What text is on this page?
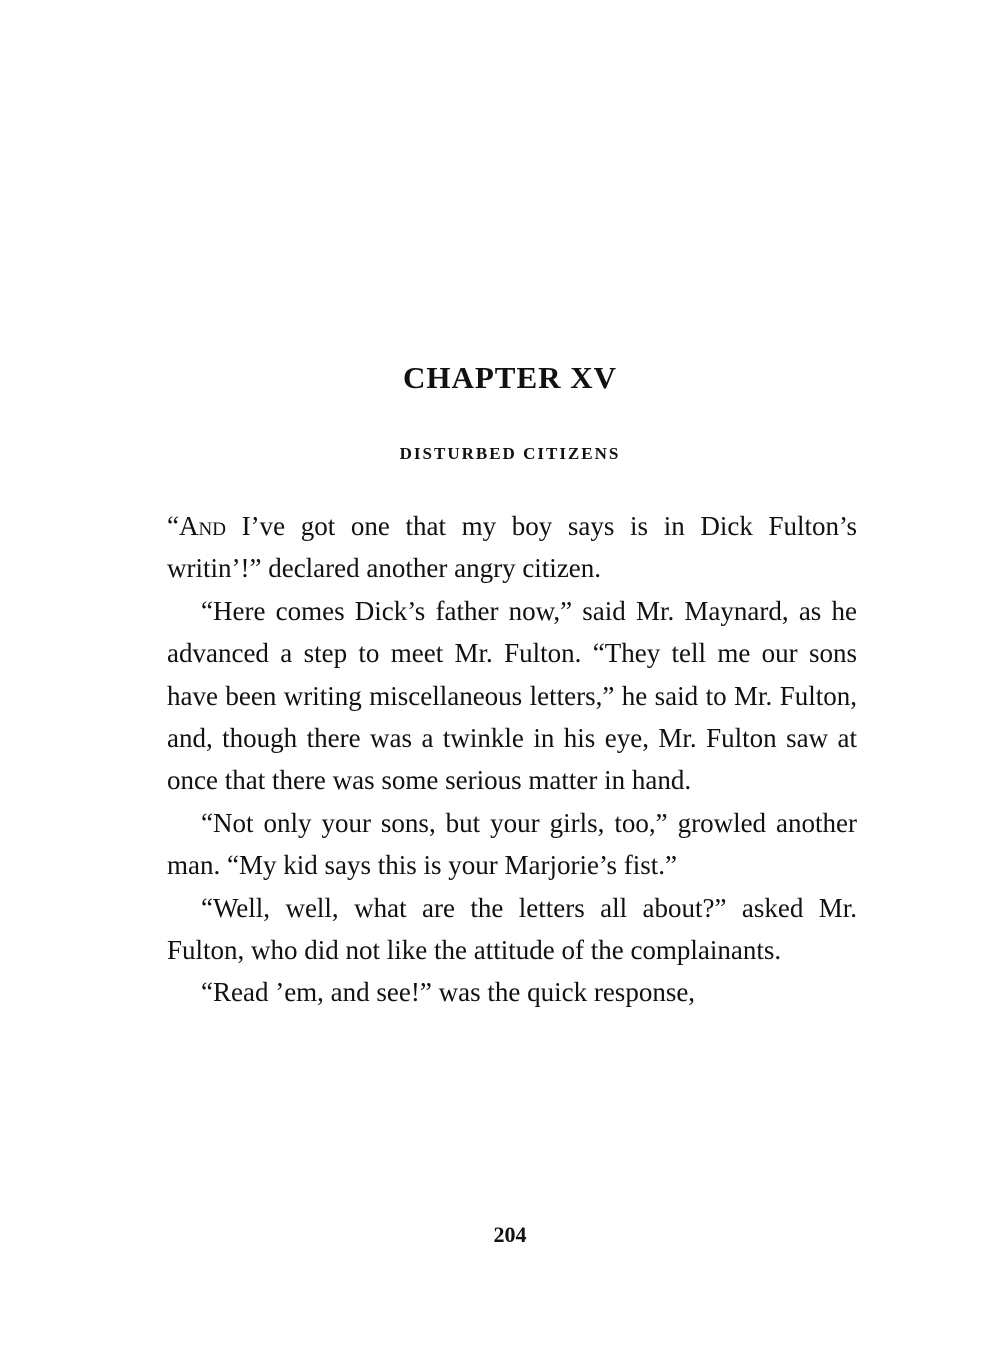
CHAPTER XV
DISTURBED CITIZENS

“And I’ve got one that my boy says is in Dick Fulton’s writin’!” declared another angry citizen.

“Here comes Dick’s father now,” said Mr. Maynard, as he advanced a step to meet Mr. Fulton. “They tell me our sons have been writing miscellaneous letters,” he said to Mr. Fulton, and, though there was a twinkle in his eye, Mr. Fulton saw at once that there was some serious matter in hand.

“Not only your sons, but your girls, too,” growled another man. “My kid says this is your Marjorie’s fist.”

“Well, well, what are the letters all about?” asked Mr. Fulton, who did not like the attitude of the complainants.

“Read ’em, and see!” was the quick response,

204
